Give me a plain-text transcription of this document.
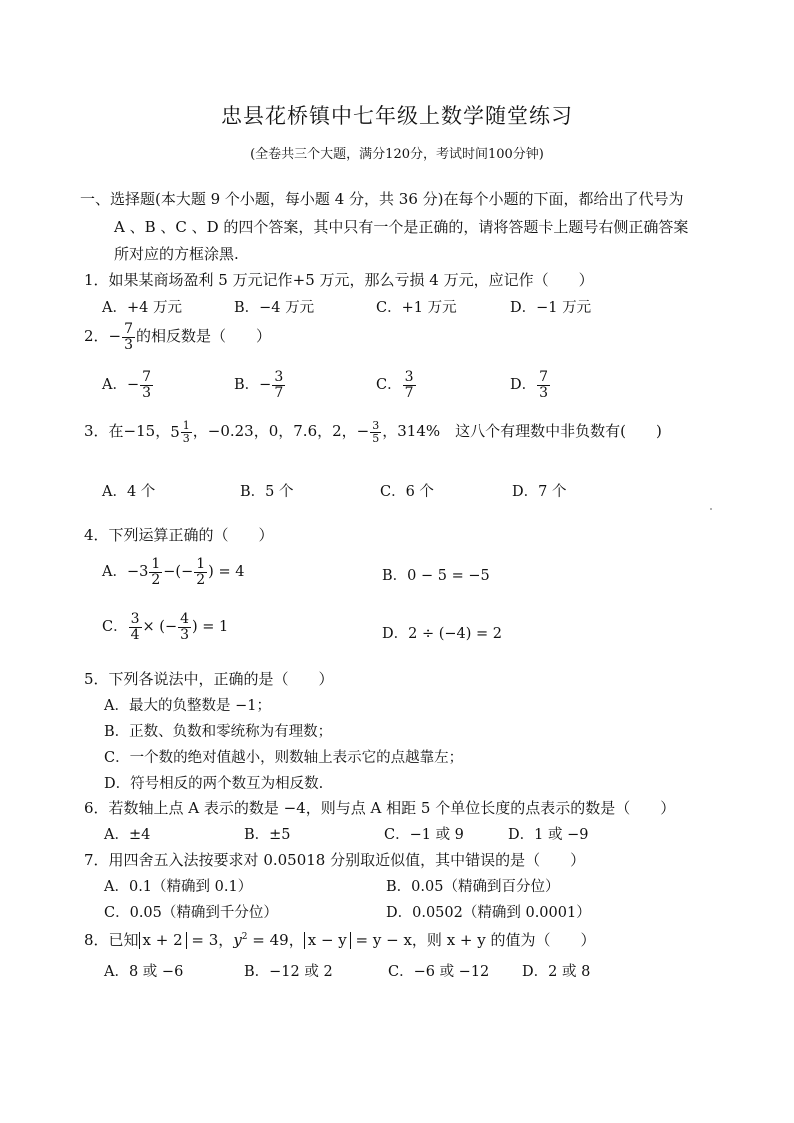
忠县花桥镇中七年级上数学随堂练习
(全卷共三个大题，满分120分，考试时间100分钟)
一、选择题(本大题 9 个小题，每小题 4 分，共 36 分)在每个小题的下面，都给出了代号为
A 、B 、C 、D 的四个答案，其中只有一个是正确的，请将答题卡上题号右侧正确答案
所对应的方框涂黑.
1．如果某商场盈利 5 万元记作+5 万元，那么亏损 4 万元，应记作（　　）
A．+4 万元	B．−4 万元	C．+1 万元	D．−1 万元
2．− $\frac{7}{3}$ 的相反数是（　　）
A．− $\frac{7}{3}$	B．− $\frac{3}{7}$	C． $\frac{3}{7}$	D． $\frac{7}{3}$
3．在−15，$5 \frac{1}{3}$ ，−0.23，0，7.6，2，− $\frac{3}{5}$ ，314%　这八个有理数中非负数有(　　)
A．4 个	B．5 个	C．6 个	D．7 个
4．下列运算正确的（　　）
A．$-3 \frac{1}{2}$ −(− $\frac{1}{2}$ ) = 4	B．0 − 5 = −5
C． $\frac{3}{4}$ × (− $\frac{4}{3}$ ) = 1	D．2 ÷ (−4) = 2
5．下列各说法中，正确的是（　　）
A．最大的负整数是 −1；
B．正数、负数和零统称为有理数；
C．一个数的绝对值越小，则数轴上表示它的点越靠左；
D．符号相反的两个数互为相反数.
6．若数轴上点 A 表示的数是 −4，则与点 A 相距 5 个单位长度的点表示的数是（　　）
A．±4	B．±5	C．−1 或 9	D．1 或 −9
7．用四舍五入法按要求对 0.05018 分别取近似值，其中错误的是（　　）
A．0.1（精确到 0.1）	B．0.05（精确到百分位）
C．0.05（精确到千分位）	D．0.0502（精确到 0.0001）
8．已知 x + 2 = 3，$y^2 = 49$， x − y = y − x，则 x + y 的值为（　　）
A．8 或 −6	B．−12 或 2	C．−6 或 −12 D．2 或 8
